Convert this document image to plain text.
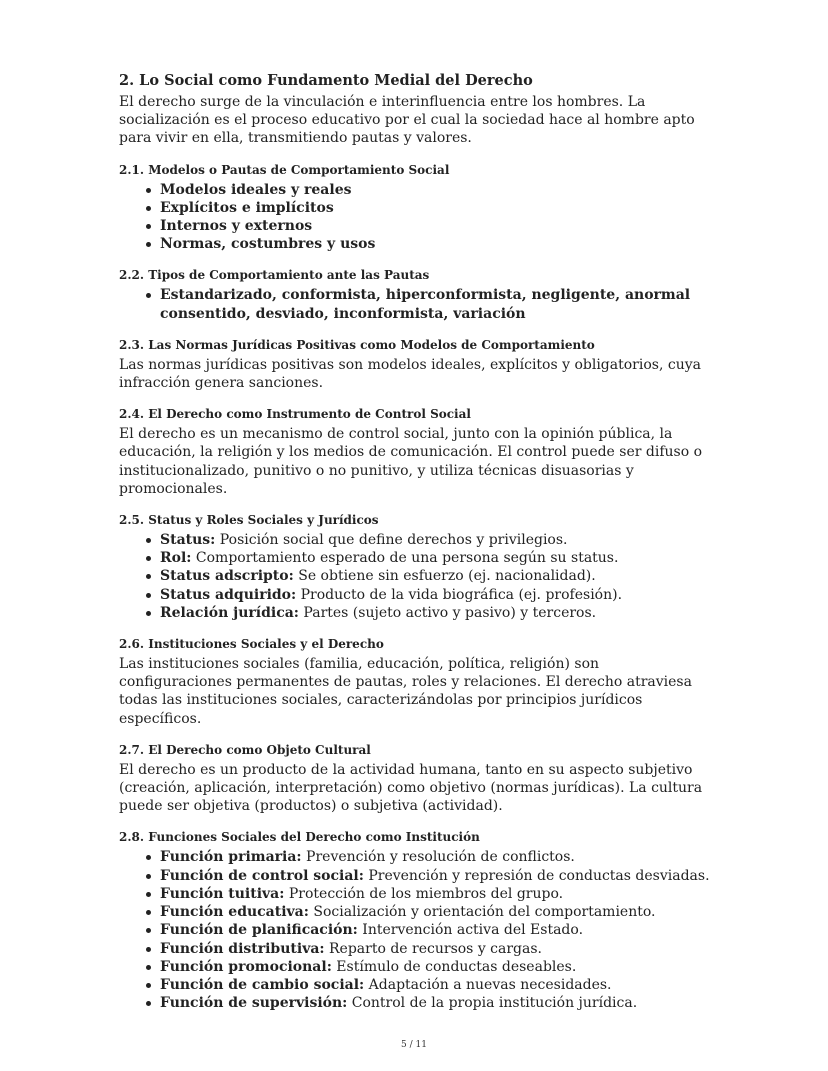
2. Lo Social como Fundamento Medial del Derecho

El derecho surge de la vinculación e interinfluencia entre los hombres. La socialización es el proceso educativo por el cual la sociedad hace al hombre apto para vivir en ella, transmitiendo pautas y valores.

2.1. Modelos o Pautas de Comportamiento Social
Modelos ideales y reales
Explícitos e implícitos
Internos y externos
Normas, costumbres y usos
2.2. Tipos de Comportamiento ante las Pautas
Estandarizado, conformista, hiperconformista, negligente, anormal consentido, desviado, inconformista, variación
2.3. Las Normas Jurídicas Positivas como Modelos de Comportamiento

Las normas jurídicas positivas son modelos ideales, explícitos y obligatorios, cuya infracción genera sanciones.

2.4. El Derecho como Instrumento de Control Social

El derecho es un mecanismo de control social, junto con la opinión pública, la educación, la religión y los medios de comunicación. El control puede ser difuso o institucionalizado, punitivo o no punitivo, y utiliza técnicas disuasorias y promocionales.

2.5. Status y Roles Sociales y Jurídicos
Status: Posición social que define derechos y privilegios.
Rol: Comportamiento esperado de una persona según su status.
Status adscripto: Se obtiene sin esfuerzo (ej. nacionalidad).
Status adquirido: Producto de la vida biográfica (ej. profesión).
Relación jurídica: Partes (sujeto activo y pasivo) y terceros.
2.6. Instituciones Sociales y el Derecho

Las instituciones sociales (familia, educación, política, religión) son configuraciones permanentes de pautas, roles y relaciones. El derecho atraviesa todas las instituciones sociales, caracterizándolas por principios jurídicos específicos.

2.7. El Derecho como Objeto Cultural

El derecho es un producto de la actividad humana, tanto en su aspecto subjetivo (creación, aplicación, interpretación) como objetivo (normas jurídicas). La cultura puede ser objetiva (productos) o subjetiva (actividad).

2.8. Funciones Sociales del Derecho como Institución
Función primaria: Prevención y resolución de conflictos.
Función de control social: Prevención y represión de conductas desviadas.
Función tuitiva: Protección de los miembros del grupo.
Función educativa: Socialización y orientación del comportamiento.
Función de planificación: Intervención activa del Estado.
Función distributiva: Reparto de recursos y cargas.
Función promocional: Estímulo de conductas deseables.
Función de cambio social: Adaptación a nuevas necesidades.
Función de supervisión: Control de la propia institución jurídica.
5 / 11
